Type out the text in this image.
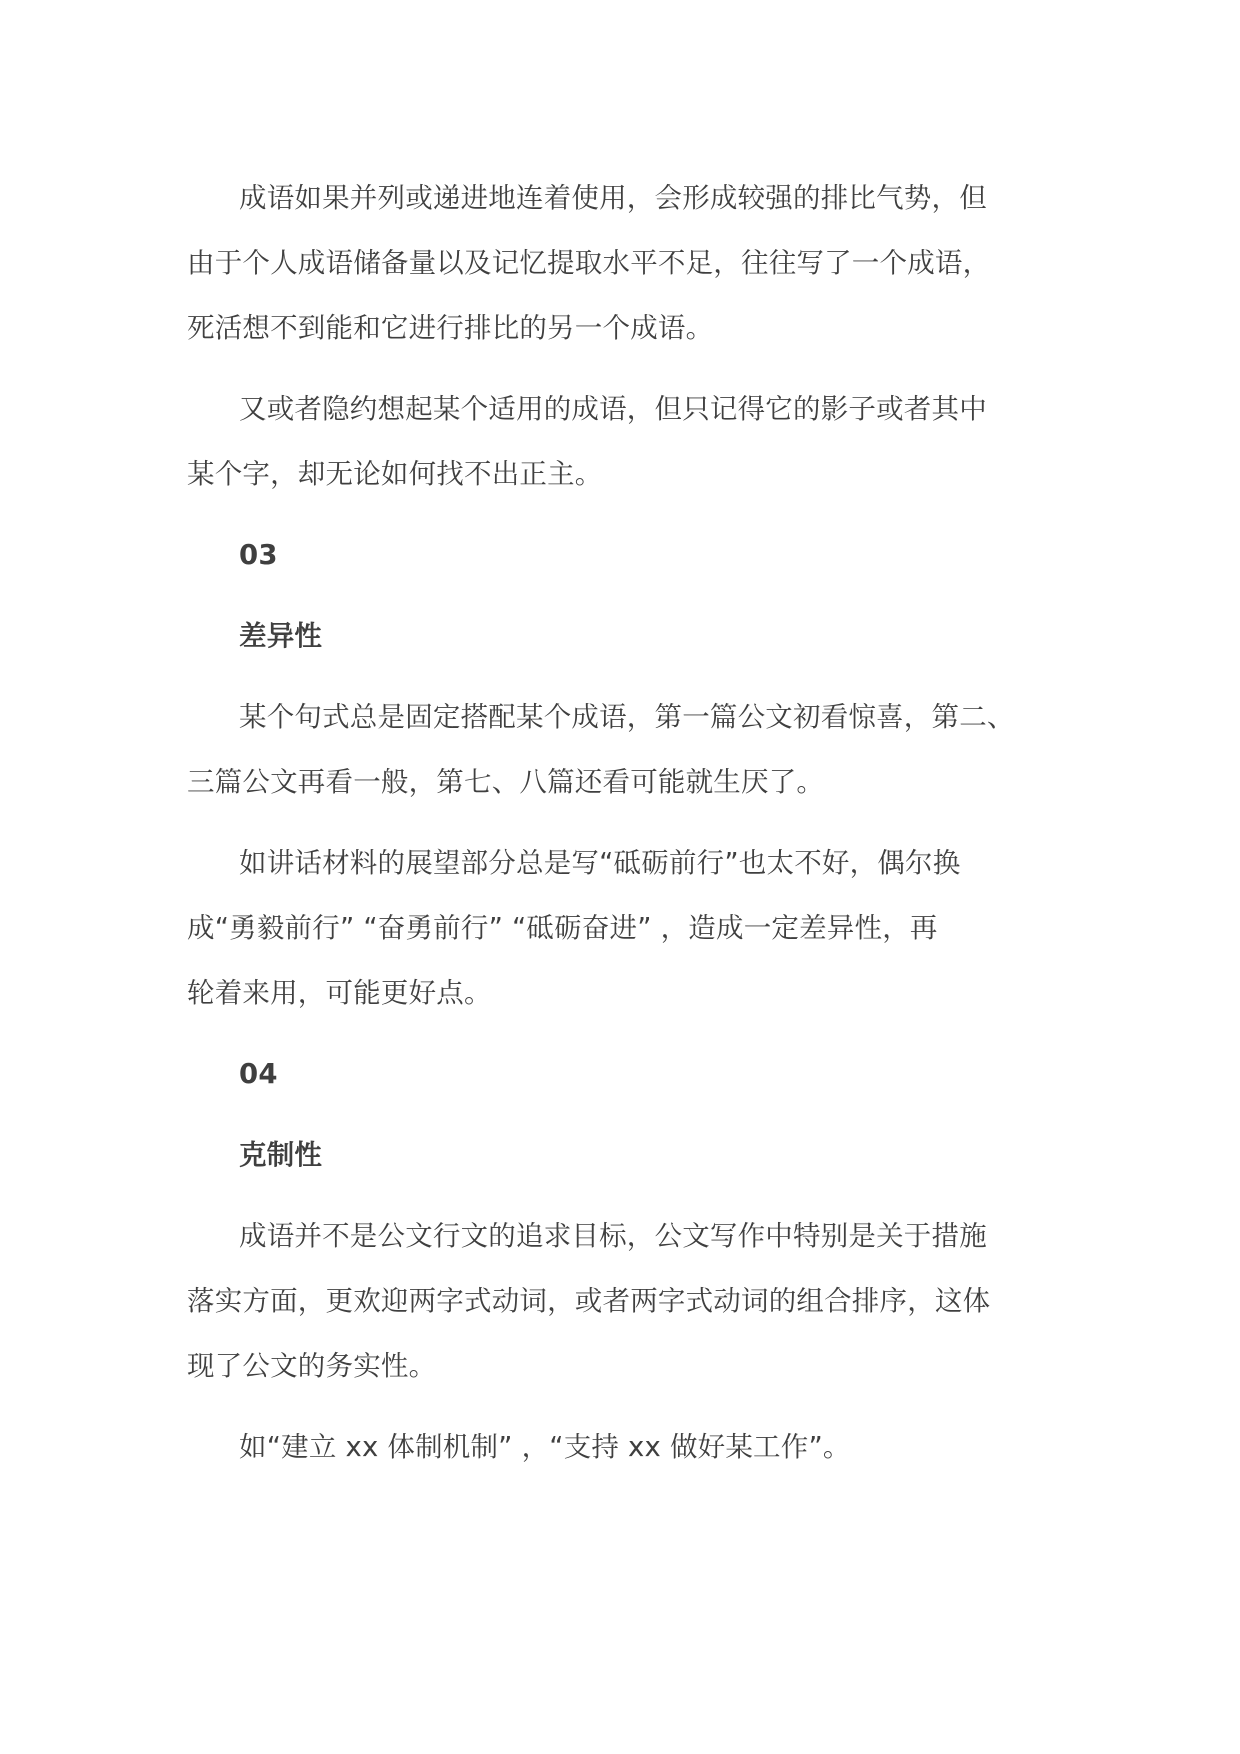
成语如果并列或递进地连着使用，会形成较强的排比气势，但
由于个人成语储备量以及记忆提取水平不足，往往写了一个成语，
死活想不到能和它进行排比的另一个成语。

又或者隐约想起某个适用的成语，但只记得它的影子或者其中
某个字，却无论如何找不出正主。

03

差异性

某个句式总是固定搭配某个成语，第一篇公文初看惊喜，第二、
三篇公文再看一般，第七、八篇还看可能就生厌了。

如讲话材料的展望部分总是写“砥砺前行”也太不好，偶尔换
成“勇毅前行” “奋勇前行” “砥砺奋进” ，造成一定差异性，再
轮着来用，可能更好点。

04

克制性

成语并不是公文行文的追求目标，公文写作中特别是关于措施
落实方面，更欢迎两字式动词，或者两字式动词的组合排序，这体
现了公文的务实性。

如“建立 xx 体制机制” ，“支持 xx 做好某工作”。
